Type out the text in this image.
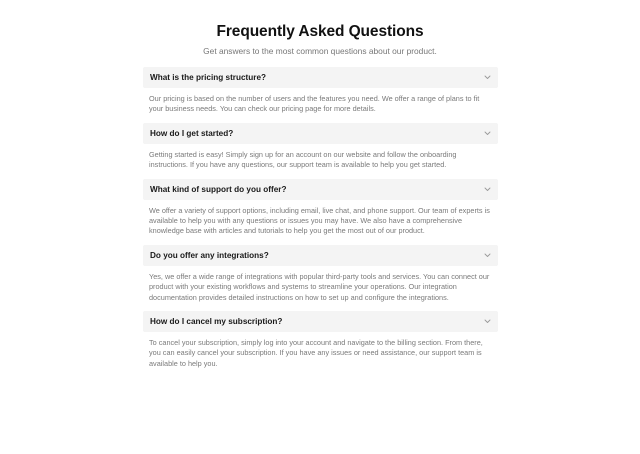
Frequently Asked Questions

Get answers to the most common questions about our product.

What is the pricing structure?

Our pricing is based on the number of users and the features you need. We offer a range of plans to fit your business needs. You can check our pricing page for more details.

How do I get started?

Getting started is easy! Simply sign up for an account on our website and follow the onboarding instructions. If you have any questions, our support team is available to help you get started.

What kind of support do you offer?

We offer a variety of support options, including email, live chat, and phone support. Our team of experts is available to help you with any questions or issues you may have. We also have a comprehensive knowledge base with articles and tutorials to help you get the most out of our product.

Do you offer any integrations?

Yes, we offer a wide range of integrations with popular third-party tools and services. You can connect our product with your existing workflows and systems to streamline your operations. Our integration documentation provides detailed instructions on how to set up and configure the integrations.

How do I cancel my subscription?

To cancel your subscription, simply log into your account and navigate to the billing section. From there, you can easily cancel your subscription. If you have any issues or need assistance, our support team is available to help you.
